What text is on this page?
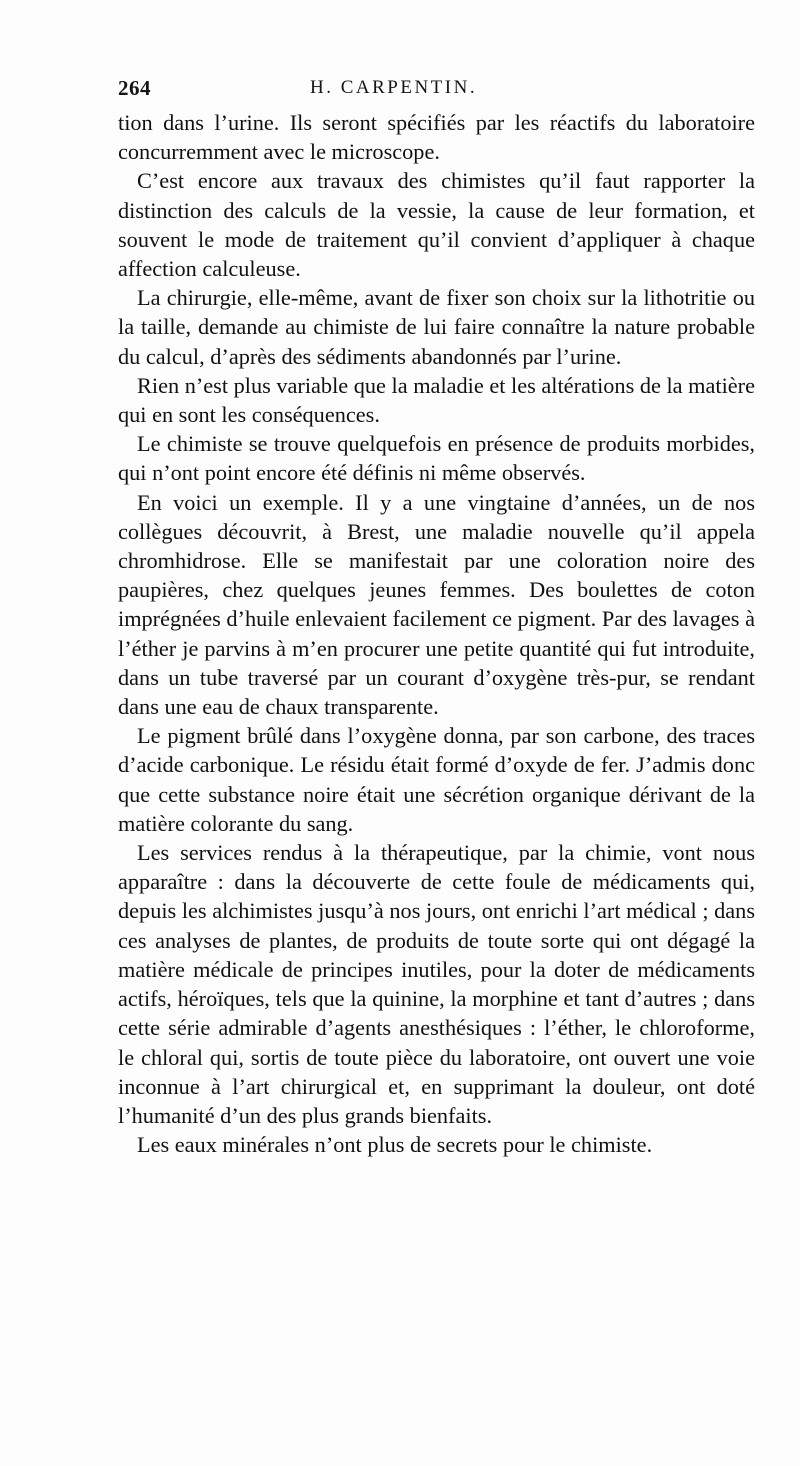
264	H. CARPENTIN.

tion dans l’urine. Ils seront spécifiés par les réactifs du laboratoire concurremment avec le microscope.

C’est encore aux travaux des chimistes qu’il faut rapporter la distinction des calculs de la vessie, la cause de leur formation, et souvent le mode de traitement qu’il convient d’appliquer à chaque affection calculeuse.

La chirurgie, elle-même, avant de fixer son choix sur la lithotritie ou la taille, demande au chimiste de lui faire connaître la nature probable du calcul, d’après des sédiments abandonnés par l’urine.

Rien n’est plus variable que la maladie et les altérations de la matière qui en sont les conséquences.

Le chimiste se trouve quelquefois en présence de produits morbides, qui n’ont point encore été définis ni même observés.

En voici un exemple. Il y a une vingtaine d’années, un de nos collègues découvrit, à Brest, une maladie nouvelle qu’il appela chromhidrose. Elle se manifestait par une coloration noire des paupières, chez quelques jeunes femmes. Des boulettes de coton imprégnées d’huile enlevaient facilement ce pigment. Par des lavages à l’éther je parvins à m’en procurer une petite quantité qui fut introduite, dans un tube traversé par un courant d’oxygène très-pur, se rendant dans une eau de chaux transparente.

Le pigment brûlé dans l’oxygène donna, par son carbone, des traces d’acide carbonique. Le résidu était formé d’oxyde de fer. J’admis donc que cette substance noire était une sécrétion organique dérivant de la matière colorante du sang.

Les services rendus à la thérapeutique, par la chimie, vont nous apparaître : dans la découverte de cette foule de médicaments qui, depuis les alchimistes jusqu’à nos jours, ont enrichi l’art médical ; dans ces analyses de plantes, de produits de toute sorte qui ont dégagé la matière médicale de principes inutiles, pour la doter de médicaments actifs, héroïques, tels que la quinine, la morphine et tant d’autres ; dans cette série admirable d’agents anesthésiques : l’éther, le chloroforme, le chloral qui, sortis de toute pièce du laboratoire, ont ouvert une voie inconnue à l’art chirurgical et, en supprimant la douleur, ont doté l’humanité d’un des plus grands bienfaits.

Les eaux minérales n’ont plus de secrets pour le chimiste.
